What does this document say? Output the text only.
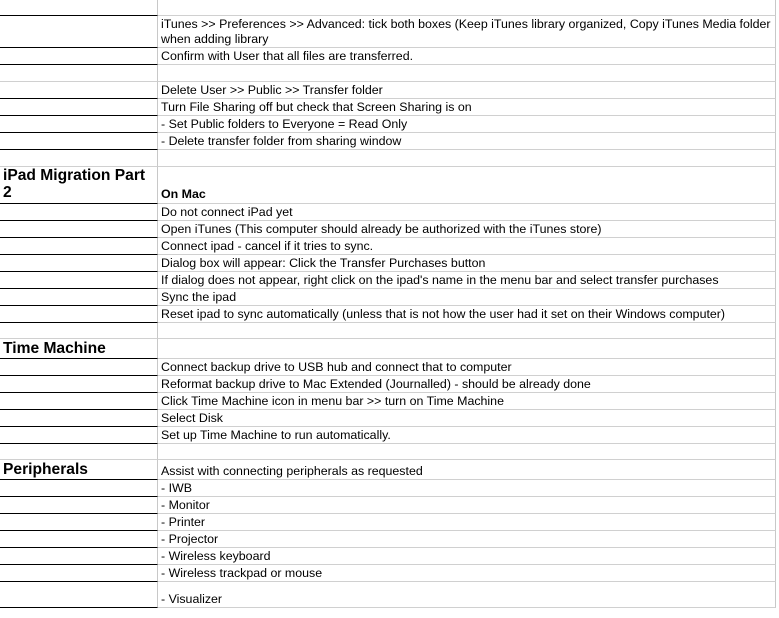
iTunes >> Preferences >> Advanced: tick both boxes (Keep iTunes library organized, Copy iTunes Media folder when adding library
Confirm with User that all files are transferred.
Delete User >> Public >> Transfer folder
Turn File Sharing off but check that Screen Sharing is on
- Set Public folders to Everyone = Read Only
- Delete transfer folder from sharing window
iPad Migration Part 2	On Mac
Do not connect iPad yet
Open iTunes (This computer should already be authorized with the iTunes store)
Connect ipad - cancel if it tries to sync.
Dialog box will appear: Click the Transfer Purchases button
If dialog does not appear, right click on the ipad's name in the menu bar and select transfer purchases
Sync the ipad
Reset ipad to sync automatically (unless that is not how the user had it set on their Windows computer)
Time Machine
Connect backup drive to USB hub and connect that to computer
Reformat backup drive to Mac Extended (Journalled) - should be already done
Click Time Machine icon in menu bar >> turn on Time Machine
Select Disk
Set up Time Machine to run automatically.
Peripherals	Assist with connecting peripherals as requested
- IWB
- Monitor
- Printer
- Projector
- Wireless keyboard
- Wireless trackpad or mouse
- Visualizer
